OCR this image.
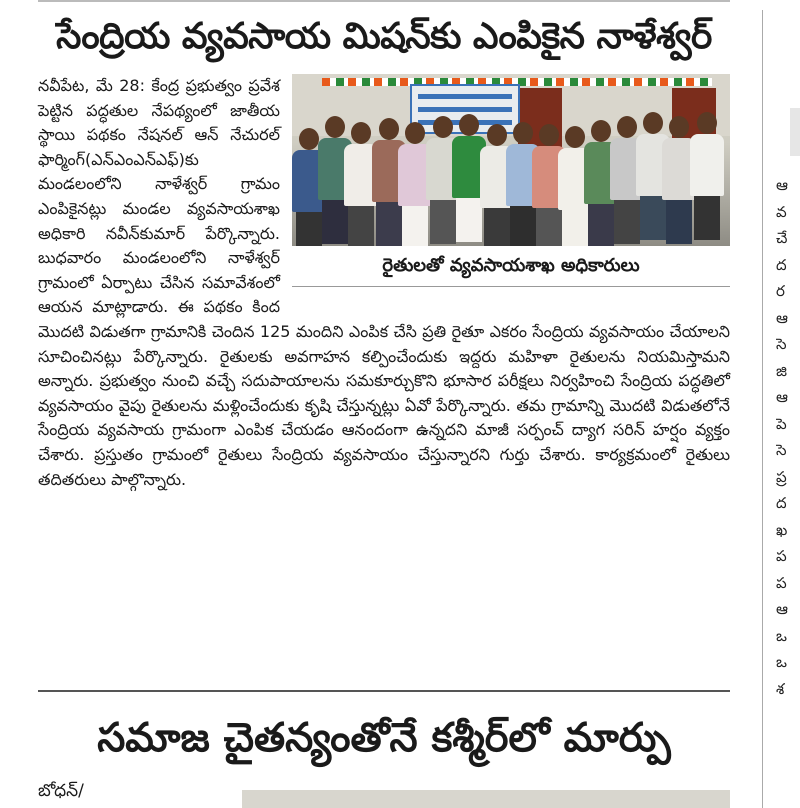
సేంద్రియ వ్యవసాయ మిషన్‌కు ఎంపికైన నాళేశ్వర్
రైతులతో వ్యవసాయశాఖ అధికారులు
నవీపేట, మే 28: కేంద్ర ప్రభుత్వం ప్రవేశ పెట్టిన పద్ధతుల నేపథ్యంలో జాతీయ స్థాయి పథకం నేషనల్ ఆన్ నేచురల్ ఫార్మింగ్(ఎన్‌ఎంఎన్‌ఎఫ్)కు మండలంలోని నాళేశ్వర్ గ్రామం ఎంపికైనట్లు మండల వ్యవసాయశాఖ అధికారి నవీన్‌కుమార్ పేర్కొన్నారు. బుధవారం మండలంలోని నాళేశ్వర్ గ్రామంలో ఏర్పాటు చేసిన సమావేశంలో ఆయన మాట్లాడారు. ఈ పథకం కింద మొదటి విడుతగా గ్రామానికి చెందిన 125 మందిని ఎంపిక చేసి ప్రతి రైతూ ఎకరం సేంద్రియ వ్యవసాయం చేయాలని సూచించినట్లు పేర్కొన్నారు. రైతులకు అవగాహన కల్పించేందుకు ఇద్దరు మహిళా రైతులను నియమిస్తామని అన్నారు. ప్రభుత్వం నుంచి వచ్చే సదుపాయాలను సమకూర్చుకొని భూసార పరీక్షలు నిర్వహించి సేంద్రియ పద్ధతిలో వ్యవసాయం వైపు రైతులను మళ్లించేందుకు కృషి చేస్తున్నట్లు ఏవో పేర్కొన్నారు. తమ గ్రామాన్ని మొదటి విడుతలోనే సేంద్రియ వ్యవసాయ గ్రామంగా ఎంపిక చేయడం ఆనందంగా ఉన్నదని మాజీ సర్పంచ్ ద్యాగ సరిన్ హర్షం వ్యక్తం చేశారు. ప్రస్తుతం గ్రామంలో రైతులు సేంద్రియ వ్యవసాయం చేస్తున్నారని గుర్తు చేశారు. కార్యక్రమంలో రైతులు తదితరులు పాల్గొన్నారు.
సమాజ చైతన్యంతోనే కశ్మీర్‌లో మార్పు
బోధన్/
ఆ
వ
చే
ద
ర
ఆ
సె
జి
ఆ
పె
సె
ప్ర
ద
ఖ
ప
ప
ఆ
ఒ
ఒ
శ
